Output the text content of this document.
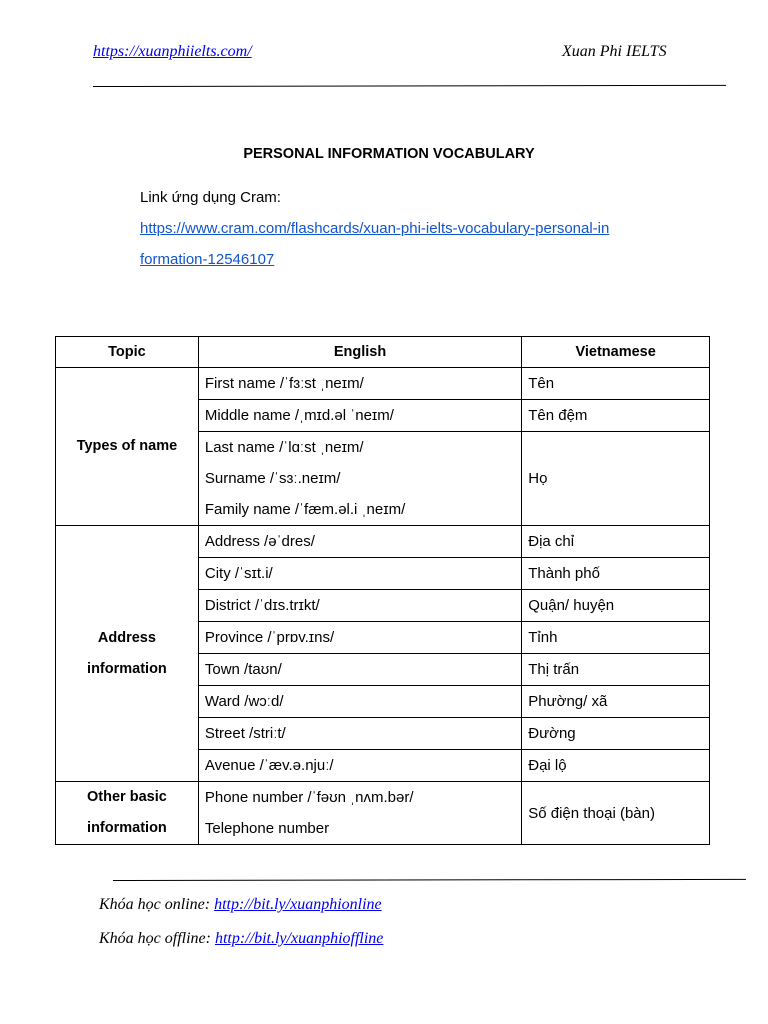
https://xuanphiielts.com/	Xuan Phi IELTS
PERSONAL INFORMATION VOCABULARY
Link ứng dụng Cram:
https://www.cram.com/flashcards/xuan-phi-ielts-vocabulary-personal-in
formation-12546107
Topic	English	Vietnamese
Types of name	First name /ˈfɜːst ˌneɪm/	Tên
	Middle name /ˌmɪd.əl ˈneɪm/	Tên đệm

	Last name /ˈlɑːst ˌneɪm/
Surname /ˈsɜː.neɪm/
Family name /ˈfæm.əl.i ˌneɪm/	Họ

Address
information	Address /əˈdres/	Địa chỉ
	City /ˈsɪt.i/	Thành phố
	District /ˈdɪs.trɪkt/	Quận/ huyện
	Province /ˈprɒv.ɪns/	Tỉnh
	Town /taʊn/	Thị trấn
	Ward /wɔːd/	Phường/ xã
	Street /striːt/	Đường
	Avenue /ˈæv.ə.njuː/	Đại lộ

Other basic
information	Phone number /ˈfəʊn ˌnʌm.bər/
Telephone number	Số điện thoại (bàn)
Khóa học online: http://bit.ly/xuanphionline
Khóa học offline: http://bit.ly/xuanphioffline
